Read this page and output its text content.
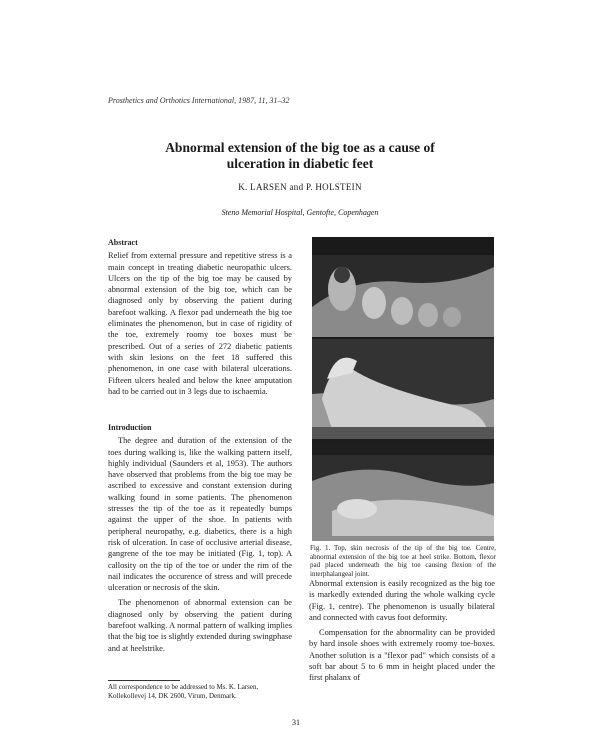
Prosthetics and Orthotics International, 1987, 11, 31–32
Abnormal extension of the big toe as a cause of
ulceration in diabetic feet
K. LARSEN and P. HOLSTEIN
Steno Memorial Hospital, Gentofte, Copenhagen
Abstract

Relief from external pressure and repetitive stress is a main concept in treating diabetic neuropathic ulcers. Ulcers on the tip of the big toe may be caused by abnormal extension of the big toe, which can be diagnosed only by observing the patient during barefoot walking. A flexor pad underneath the big toe eliminates the phenomenon, but in case of rigidity of the toe, extremely roomy toe boxes must be prescribed. Out of a series of 272 diabetic patients with skin lesions on the feet 18 suffered this phenomenon, in one case with bilateral ulcerations. Fifteen ulcers healed and below the knee amputation had to be carried out in 3 legs due to ischaemia.

Introduction

The degree and duration of the extension of the toes during walking is, like the walking pattern itself, highly individual (Saunders et al, 1953). The authors have observed that problems from the big toe may be ascribed to excessive and constant extension during walking found in some patients. The phenomenon stresses the tip of the toe as it repeatedly bumps against the upper of the shoe. In patients with peripheral neuropathy, e.g. diabetics, there is a high risk of ulceration. In case of occlusive arterial disease, gangrene of the toe may be initiated (Fig. 1, top). A callosity on the tip of the toe or under the rim of the nail indicates the occurence of stress and will precede ulceration or necrosis of the skin.

The phenomenon of abnormal extension can be diagnosed only by observing the patient during barefoot walking. A normal pattern of walking implies that the big toe is slightly extended during swingphase and at heelstrike.

Fig. 1. Top, skin necrosis of the tip of the big toe. Centre, abnormal extension of the big toe at heel strike. Bottom, flexor pad placed underneath the big toe causing flexion of the interphalangeal joint.

Abnormal extension is easily recognized as the big toe is markedly extended during the whole walking cycle (Fig. 1, centre). The phenomenon is usually bilateral and connected with cavus foot deformity.

Compensation for the abnormality can be provided by hard insole shoes with extremely roomy toe-boxes. Another solution is a "flexor pad" which consists of a soft bar about 5 to 6 mm in height placed under the first phalanx of

All correspondence to be addressed to Ms. K. Larsen, Kollekollevej 14, DK 2600, Virum, Denmark.
31
